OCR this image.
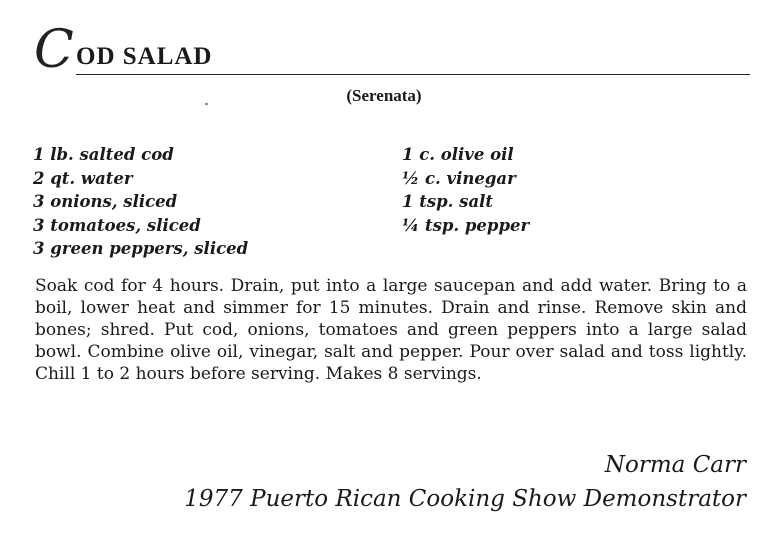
C OD SALAD
(Serenata)
1 lb. salted cod
2 qt. water
3 onions, sliced
3 tomatoes, sliced
3 green peppers, sliced
1 c. olive oil
½ c. vinegar
1 tsp. salt
¼ tsp. pepper

Soak cod for 4 hours. Drain, put into a large saucepan and add water. Bring to a boil, lower heat and simmer for 15 minutes. Drain and rinse. Remove skin and bones; shred. Put cod, onions, tomatoes and green peppers into a large salad bowl. Combine olive oil, vinegar, salt and pepper. Pour over salad and toss lightly. Chill 1 to 2 hours before serving. Makes 8 servings.

Norma Carr
1977 Puerto Rican Cooking Show Demonstrator
